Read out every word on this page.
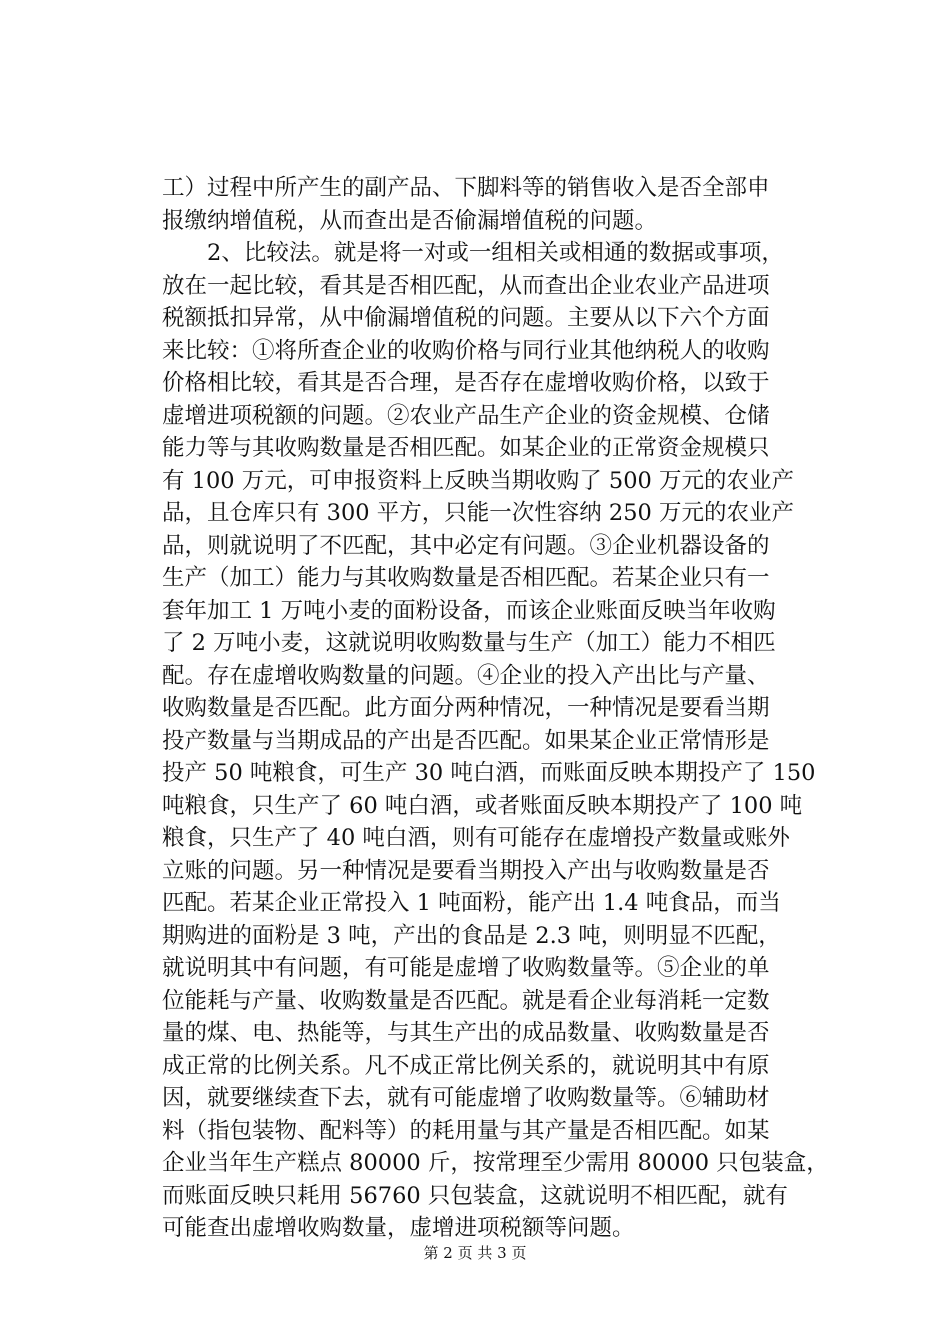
工）过程中所产生的副产品、下脚料等的销售收入是否全部申
报缴纳增值税，从而查出是否偷漏增值税的问题。

2、比较法。就是将一对或一组相关或相通的数据或事项，
放在一起比较，看其是否相匹配，从而查出企业农业产品进项
税额抵扣异常，从中偷漏增值税的问题。主要从以下六个方面
来比较：①将所查企业的收购价格与同行业其他纳税人的收购
价格相比较，看其是否合理，是否存在虚增收购价格，以致于
虚增进项税额的问题。②农业产品生产企业的资金规模、仓储
能力等与其收购数量是否相匹配。如某企业的正常资金规模只
有 100 万元，可申报资料上反映当期收购了 500 万元的农业产
品，且仓库只有 300 平方，只能一次性容纳 250 万元的农业产
品，则就说明了不匹配，其中必定有问题。③企业机器设备的
生产（加工）能力与其收购数量是否相匹配。若某企业只有一
套年加工 1 万吨小麦的面粉设备，而该企业账面反映当年收购
了 2 万吨小麦，这就说明收购数量与生产（加工）能力不相匹
配。存在虚增收购数量的问题。④企业的投入产出比与产量、
收购数量是否匹配。此方面分两种情况，一种情况是要看当期
投产数量与当期成品的产出是否匹配。如果某企业正常情形是
投产 50 吨粮食，可生产 30 吨白酒，而账面反映本期投产了 150
吨粮食，只生产了 60 吨白酒，或者账面反映本期投产了 100 吨
粮食，只生产了 40 吨白酒，则有可能存在虚增投产数量或账外
立账的问题。另一种情况是要看当期投入产出与收购数量是否
匹配。若某企业正常投入 1 吨面粉，能产出 1.4 吨食品，而当
期购进的面粉是 3 吨，产出的食品是 2.3 吨，则明显不匹配，
就说明其中有问题，有可能是虚增了收购数量等。⑤企业的单
位能耗与产量、收购数量是否匹配。就是看企业每消耗一定数
量的煤、电、热能等，与其生产出的成品数量、收购数量是否
成正常的比例关系。凡不成正常比例关系的，就说明其中有原
因，就要继续查下去，就有可能虚增了收购数量等。⑥辅助材
料（指包装物、配料等）的耗用量与其产量是否相匹配。如某
企业当年生产糕点 80000 斤，按常理至少需用 80000 只包装盒，
而账面反映只耗用 56760 只包装盒，这就说明不相匹配，就有
可能查出虚增收购数量，虚增进项税额等问题。

第 2 页 共 3 页
